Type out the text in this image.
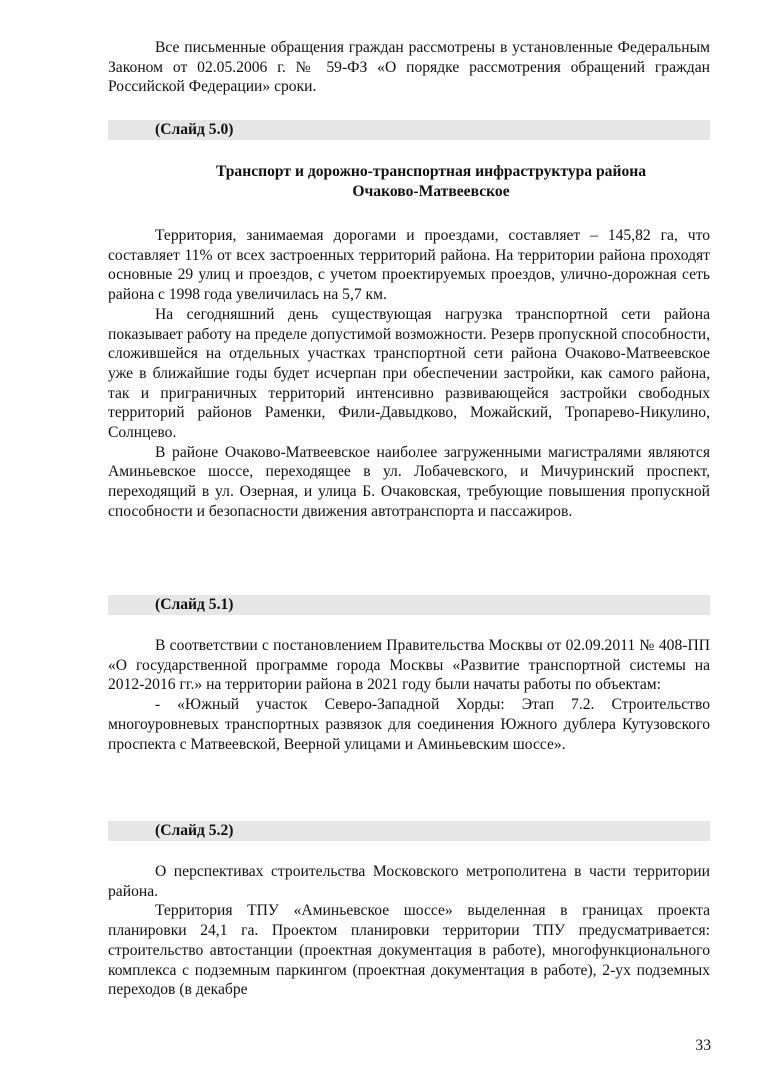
Все письменные обращения граждан рассмотрены в установленные Федеральным Законом от 02.05.2006 г. № 59-ФЗ «О порядке рассмотрения обращений граждан Российской Федерации» сроки.

(Слайд 5.0)
Транспорт и дорожно-транспортная инфраструктура района
Очаково-Матвеевское

Территория, занимаемая дорогами и проездами, составляет – 145,82 га, что составляет 11% от всех застроенных территорий района. На территории района проходят основные 29 улиц и проездов, с учетом проектируемых проездов, улично-дорожная сеть района с 1998 года увеличилась на 5,7 км.

На сегодняшний день существующая нагрузка транспортной сети района показывает работу на пределе допустимой возможности. Резерв пропускной способности, сложившейся на отдельных участках транспортной сети района Очаково-Матвеевское уже в ближайшие годы будет исчерпан при обеспечении застройки, как самого района, так и приграничных территорий интенсивно развивающейся застройки свободных территорий районов Раменки, Фили-Давыдково, Можайский, Тропарево-Никулино, Солнцево.

В районе Очаково-Матвеевское наиболее загруженными магистралями являются Аминьевское шоссе, переходящее в ул. Лобачевского, и Мичуринский проспект, переходящий в ул. Озерная, и улица Б. Очаковская, требующие повышения пропускной способности и безопасности движения автотранспорта и пассажиров.

(Слайд 5.1)

В соответствии с постановлением Правительства Москвы от 02.09.2011 № 408-ПП «О государственной программе города Москвы «Развитие транспортной системы на 2012-2016 гг.» на территории района в 2021 году были начаты работы по объектам:

- «Южный участок Северо-Западной Хорды: Этап 7.2. Строительство многоуровневых транспортных развязок для соединения Южного дублера Кутузовского проспекта с Матвеевской, Веерной улицами и Аминьевским шоссе».

(Слайд 5.2)

О перспективах строительства Московского метрополитена в части территории района.

Территория ТПУ «Аминьевское шоссе» выделенная в границах проекта планировки 24,1 га. Проектом планировки территории ТПУ предусматривается: строительство автостанции (проектная документация в работе), многофункционального комплекса с подземным паркингом (проектная документация в работе), 2-ух подземных переходов (в декабре

33
